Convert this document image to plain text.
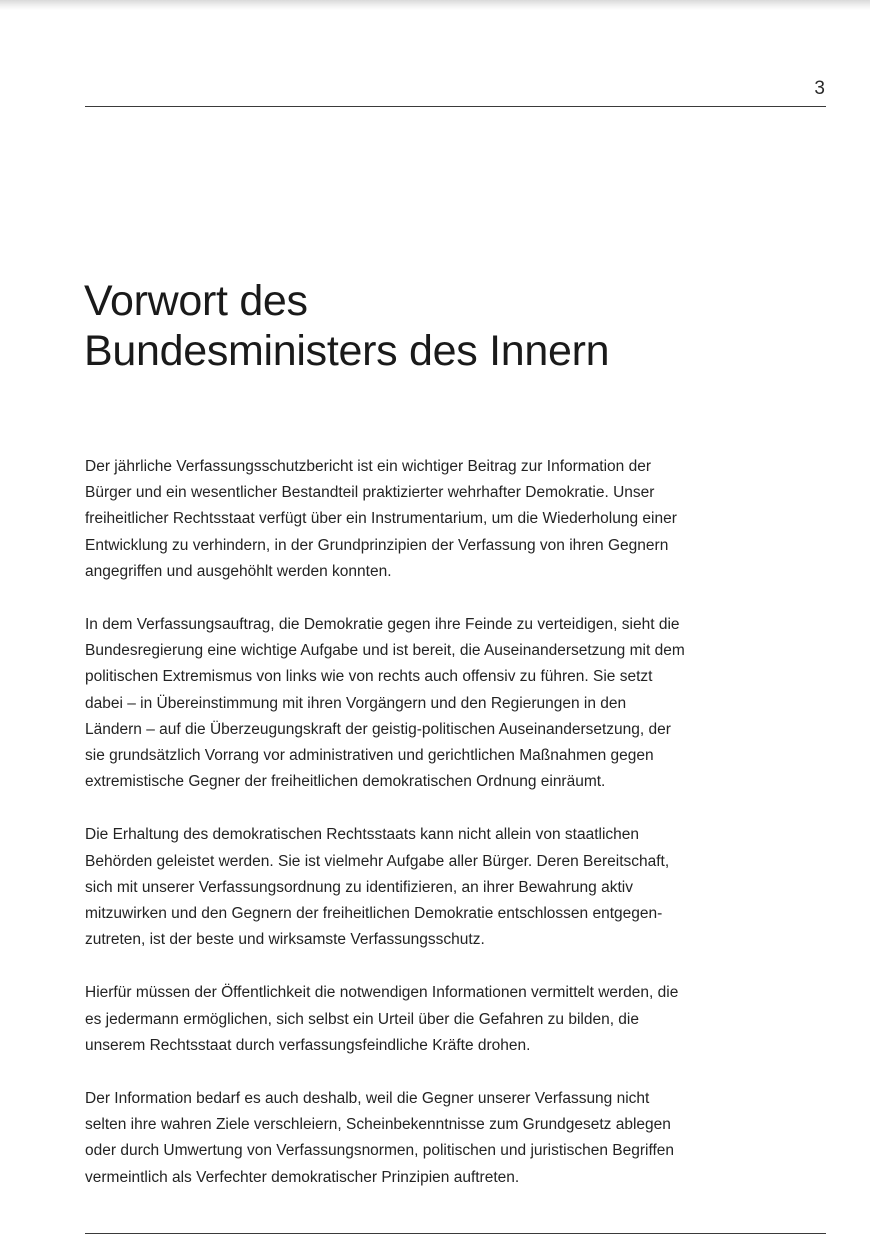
3
Vorwort des
Bundesministers des Innern

Der jährliche Verfassungsschutzbericht ist ein wichtiger Beitrag zur Information der
Bürger und ein wesentlicher Bestandteil praktizierter wehrhafter Demokratie. Unser
freiheitlicher Rechtsstaat verfügt über ein Instrumentarium, um die Wiederholung einer
Entwicklung zu verhindern, in der Grundprinzipien der Verfassung von ihren Gegnern
angegriffen und ausgehöhlt werden konnten.

In dem Verfassungsauftrag, die Demokratie gegen ihre Feinde zu verteidigen, sieht die
Bundesregierung eine wichtige Aufgabe und ist bereit, die Auseinandersetzung mit dem
politischen Extremismus von links wie von rechts auch offensiv zu führen. Sie setzt
dabei – in Übereinstimmung mit ihren Vorgängern und den Regierungen in den
Ländern – auf die Überzeugungskraft der geistig-politischen Auseinandersetzung, der
sie grundsätzlich Vorrang vor administrativen und gerichtlichen Maßnahmen gegen
extremistische Gegner der freiheitlichen demokratischen Ordnung einräumt.

Die Erhaltung des demokratischen Rechtsstaats kann nicht allein von staatlichen
Behörden geleistet werden. Sie ist vielmehr Aufgabe aller Bürger. Deren Bereitschaft,
sich mit unserer Verfassungsordnung zu identifizieren, an ihrer Bewahrung aktiv
mitzuwirken und den Gegnern der freiheitlichen Demokratie entschlossen entgegen-
zutreten, ist der beste und wirksamste Verfassungsschutz.

Hierfür müssen der Öffentlichkeit die notwendigen Informationen vermittelt werden, die
es jedermann ermöglichen, sich selbst ein Urteil über die Gefahren zu bilden, die
unserem Rechtsstaat durch verfassungsfeindliche Kräfte drohen.

Der Information bedarf es auch deshalb, weil die Gegner unserer Verfassung nicht
selten ihre wahren Ziele verschleiern, Scheinbekenntnisse zum Grundgesetz ablegen
oder durch Umwertung von Verfassungsnormen, politischen und juristischen Begriffen
vermeintlich als Verfechter demokratischer Prinzipien auftreten.
